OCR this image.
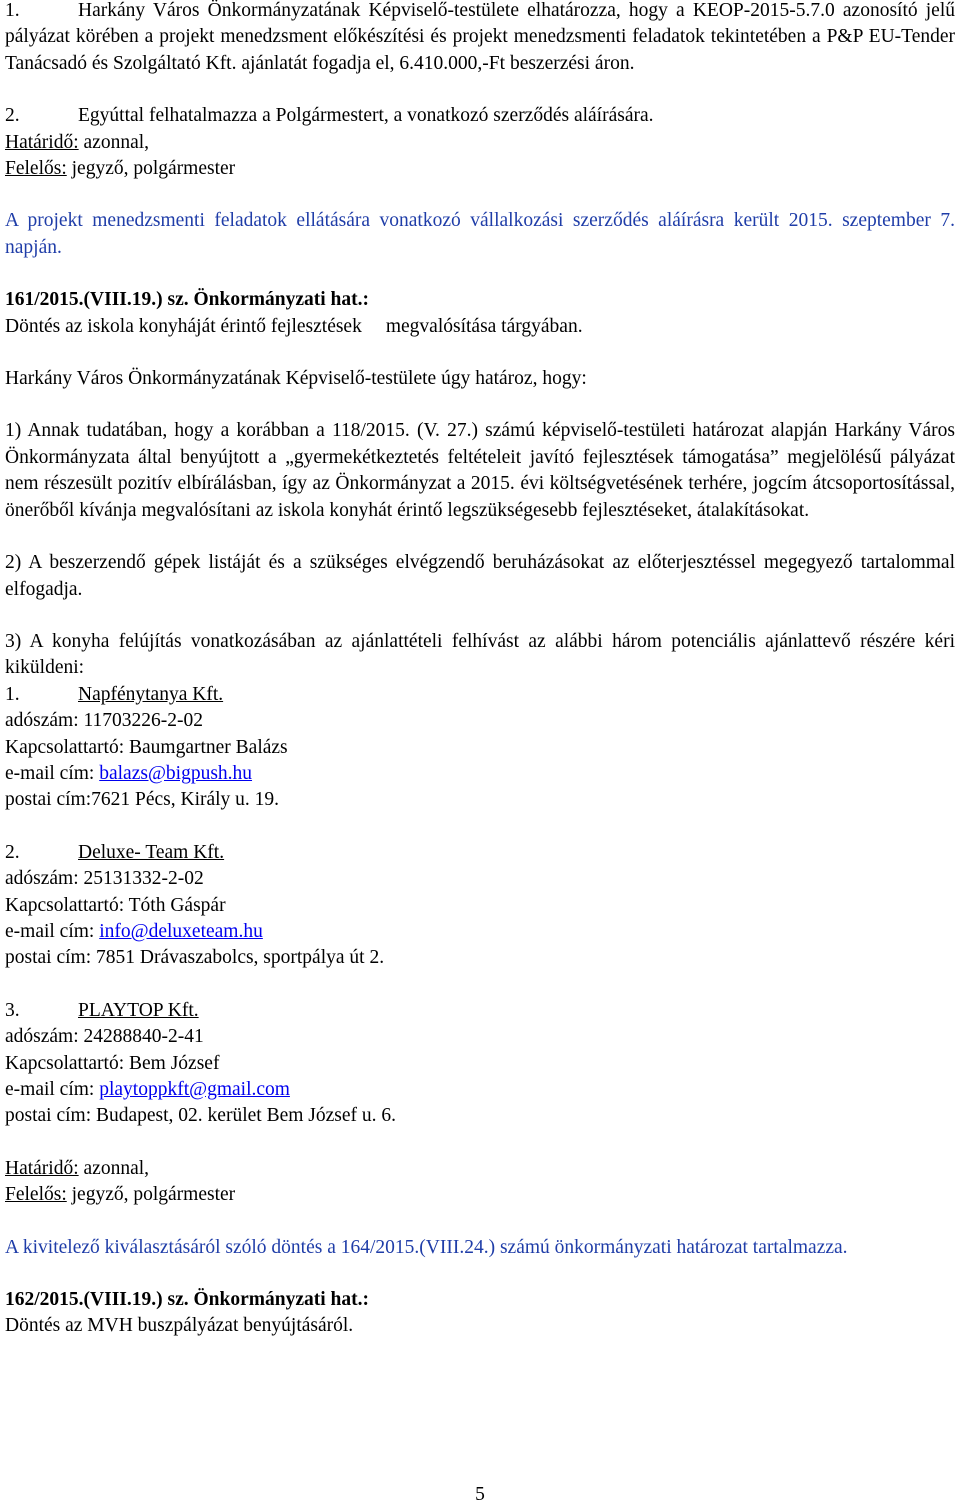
1.	Harkány Város Önkormányzatának Képviselő-testülete elhatározza, hogy a KEOP-2015-5.7.0 azonosító jelű pályázat körében a projekt menedzsment előkészítési és projekt menedzsmenti feladatok tekintetében a P&P EU-Tender Tanácsadó és Szolgáltató Kft. ajánlatát fogadja el, 6.410.000,-Ft beszerzési áron.

2.	Egyúttal felhatalmazza a Polgármestert, a vonatkozó szerződés aláírására.

Határidő: azonnal,

Felelős: jegyző, polgármester

A projekt menedzsmenti feladatok ellátására vonatkozó vállalkozási szerződés aláírásra került 2015. szeptember 7. napján.

161/2015.(VIII.19.) sz. Önkormányzati hat.:

Döntés az iskola konyháját érintő fejlesztések megvalósítása tárgyában.

Harkány Város Önkormányzatának Képviselő-testülete úgy határoz, hogy:

1) Annak tudatában, hogy a korábban a 118/2015. (V. 27.) számú képviselő-testületi határozat alapján Harkány Város Önkormányzata által benyújtott a „gyermekétkeztetés feltételeit javító fejlesztések támogatása” megjelölésű pályázat nem részesült pozitív elbírálásban, így az Önkormányzat a 2015. évi költségvetésének terhére, jogcím átcsoportosítással, önerőből kívánja megvalósítani az iskola konyhát érintő legszükségesebb fejlesztéseket, átalakításokat.

2) A beszerzendő gépek listáját és a szükséges elvégzendő beruházásokat az előterjesztéssel megegyező tartalommal elfogadja.

3) A konyha felújítás vonatkozásában az ajánlattételi felhívást az alábbi három potenciális ajánlattevő részére kéri kiküldeni:

1.	Napfénytanya Kft.

adószám: 11703226-2-02

Kapcsolattartó: Baumgartner Balázs

e-mail cím: balazs@bigpush.hu

postai cím:7621 Pécs, Király u. 19.

2.	Deluxe- Team Kft.

adószám: 25131332-2-02

Kapcsolattartó: Tóth Gáspár

e-mail cím: info@deluxeteam.hu

postai cím: 7851 Drávaszabolcs, sportpálya út 2.

3.	PLAYTOP Kft.

adószám: 24288840-2-41

Kapcsolattartó: Bem József

e-mail cím: playtoppkft@gmail.com

postai cím: Budapest, 02. kerület Bem József u. 6.

Határidő: azonnal,

Felelős: jegyző, polgármester

A kivitelező kiválasztásáról szóló döntés a 164/2015.(VIII.24.) számú önkormányzati határozat tartalmazza.

162/2015.(VIII.19.) sz. Önkormányzati hat.:

Döntés az MVH buszpályázat benyújtásáról.

5
